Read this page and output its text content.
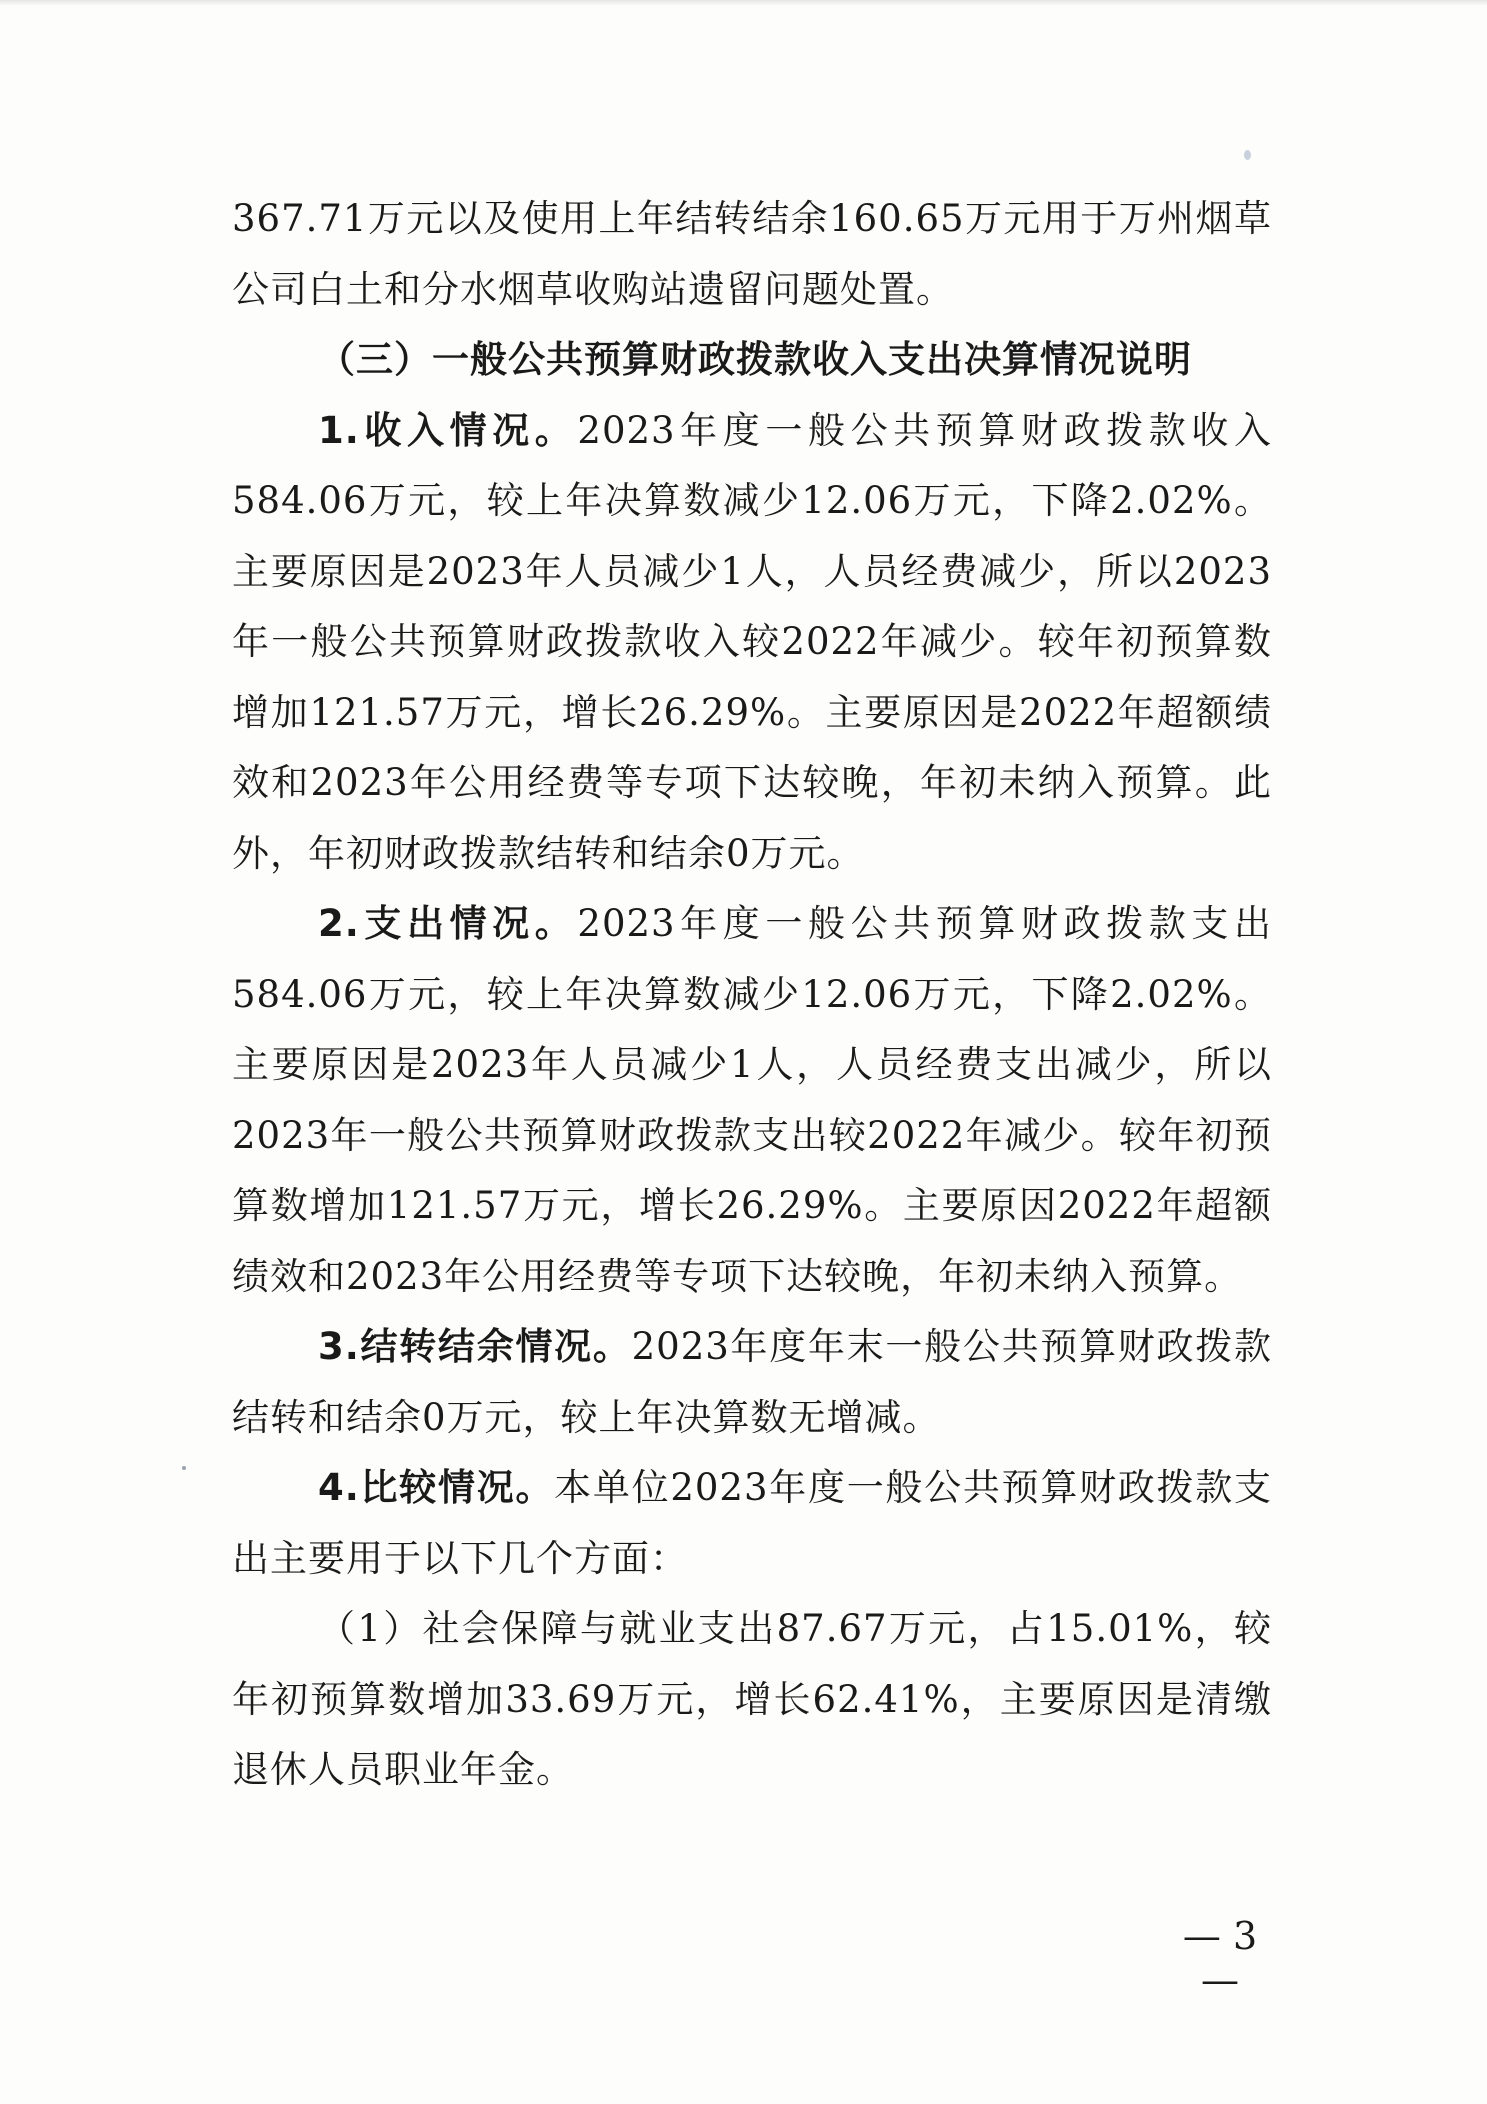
367.71万元以及使用上年结转结余160.65万元用于万州烟草公司白土和分水烟草收购站遗留问题处置。

（三）一般公共预算财政拨款收入支出决算情况说明

1.收入情况。2023年度一般公共预算财政拨款收入584.06万元，较上年决算数减少12.06万元，下降2.02%。主要原因是2023年人员减少1人，人员经费减少，所以2023年一般公共预算财政拨款收入较2022年减少。较年初预算数增加121.57万元，增长26.29%。主要原因是2022年超额绩效和2023年公用经费等专项下达较晚，年初未纳入预算。此外，年初财政拨款结转和结余0万元。

2.支出情况。2023年度一般公共预算财政拨款支出584.06万元，较上年决算数减少12.06万元，下降2.02%。主要原因是2023年人员减少1人，人员经费支出减少，所以2023年一般公共预算财政拨款支出较2022年减少。较年初预算数增加121.57万元，增长26.29%。主要原因2022年超额绩效和2023年公用经费等专项下达较晚，年初未纳入预算。

3.结转结余情况。2023年度年末一般公共预算财政拨款结转和结余0万元，较上年决算数无增减。

4.比较情况。本单位2023年度一般公共预算财政拨款支出主要用于以下几个方面：

（1）社会保障与就业支出87.67万元，占15.01%，较年初预算数增加33.69万元，增长62.41%，主要原因是清缴退休人员职业年金。

— 3 —
